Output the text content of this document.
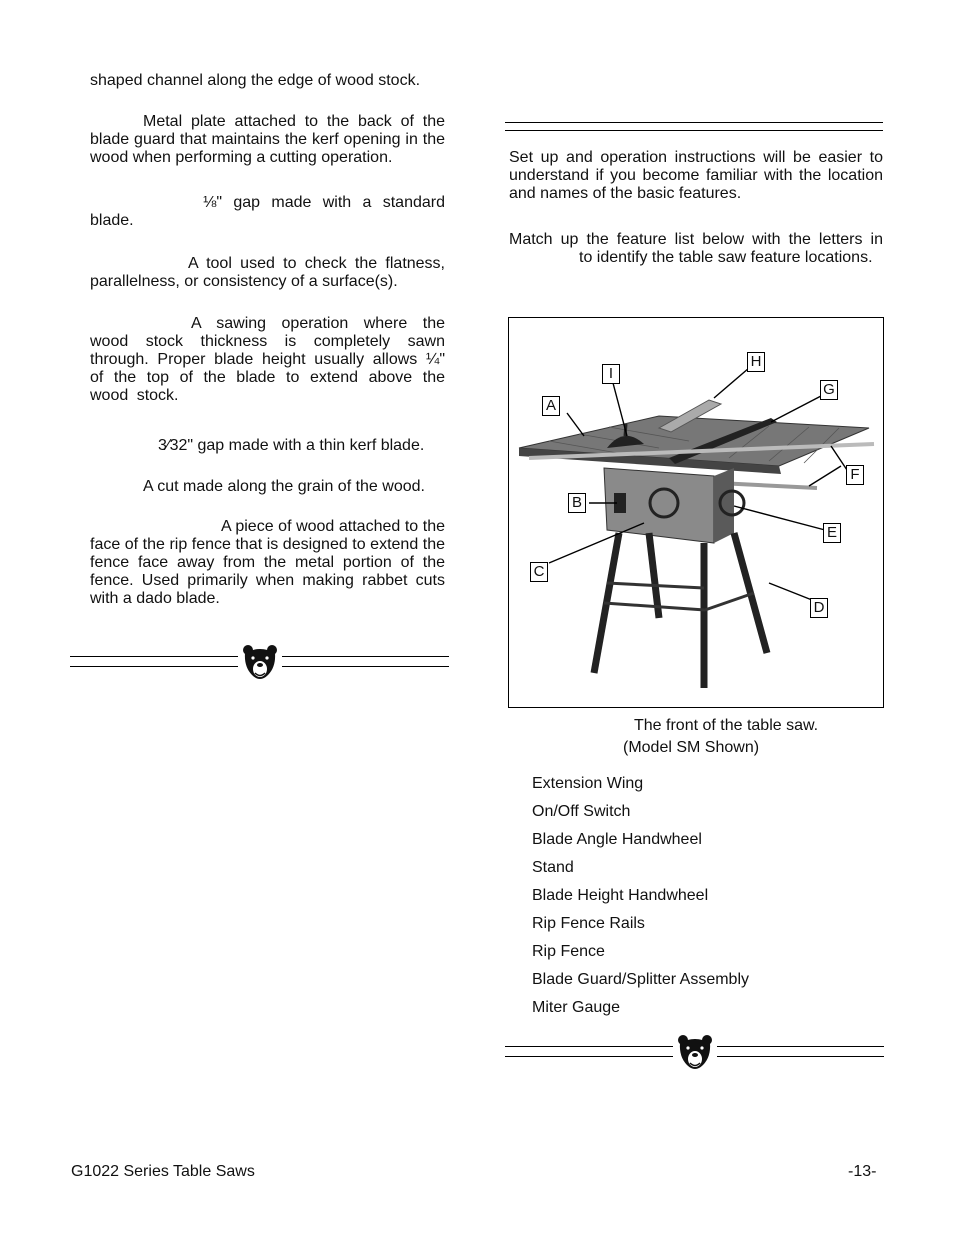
shaped channel along the edge of wood stock.

Metal plate attached to the back of the blade guard that maintains the kerf opening in the wood when performing a cutting operation.

⅛" gap made with a standard blade.

A tool used to check the flatness, parallelness, or consistency of a surface(s).

A sawing operation where the wood stock thickness is completely sawn through. Proper blade height usually allows ¼" of the top of the blade to extend above the wood stock.

3⁄32" gap made with a thin kerf blade.

A cut made along the grain of the wood.

A piece of wood attached to the face of the rip fence that is designed to extend the fence face away from the metal portion of the fence. Used primarily when making rabbet cuts with a dado blade.

Set up and operation instructions will be easier to understand if you become familiar with the location and names of the basic features.

Match up the feature list below with the letters in to identify the table saw feature locations.

I
H
G
A
F
B
E
C
D
The front of the table saw.
(Model SM Shown)

Extension Wing

On/Off Switch

Blade Angle Handwheel

Stand

Blade Height Handwheel

Rip Fence Rails

Rip Fence

Blade Guard/Splitter Assembly

Miter Gauge

G1022 Series Table Saws	-13-
